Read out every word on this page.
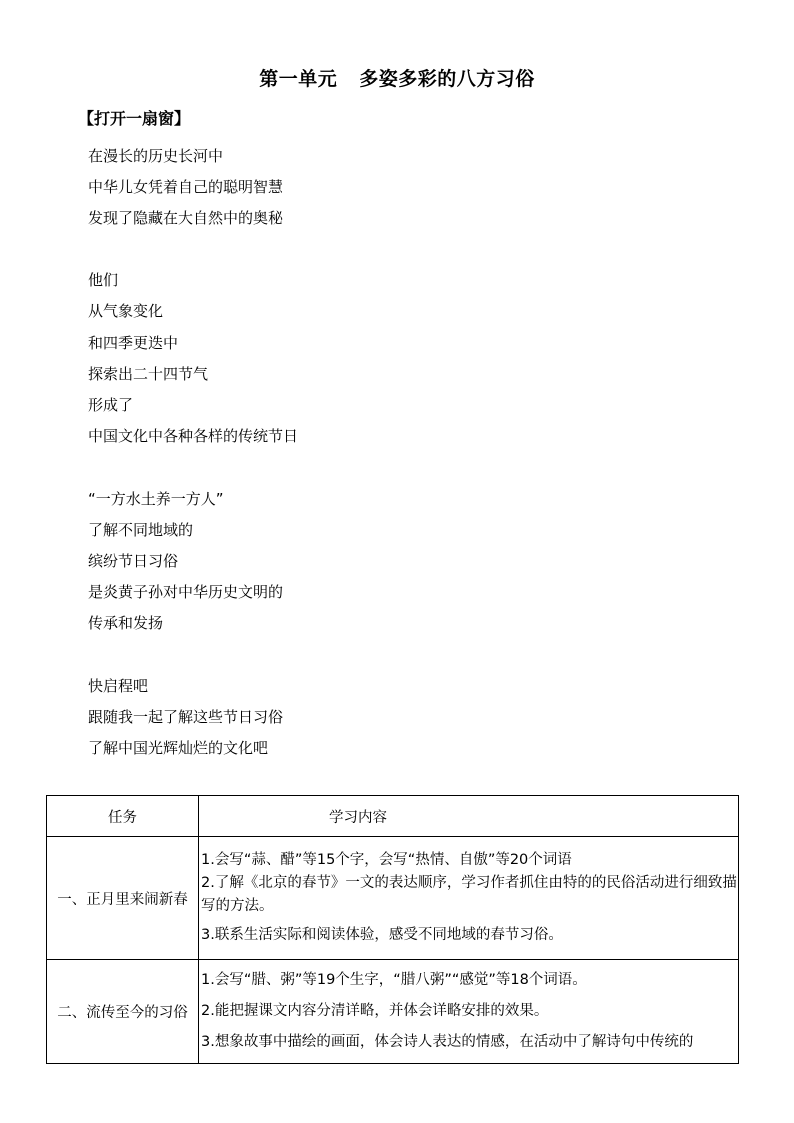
第一单元 多姿多彩的八方习俗
【打开一扇窗】
在漫长的历史长河中
中华儿女凭着自己的聪明智慧
发现了隐藏在大自然中的奥秘
他们
从气象变化
和四季更迭中
探索出二十四节气
形成了
中国文化中各种各样的传统节日
“一方水土养一方人”
了解不同地域的
缤纷节日习俗
是炎黄子孙对中华历史文明的
传承和发扬
快启程吧
跟随我一起了解这些节日习俗
了解中国光辉灿烂的文化吧
任务	学习内容
一、正月里来闹新春	1.会写“蒜、醋”等15个字，会写“热情、自傲”等20个词语
2.了解《北京的春节》一文的表达顺序，学习作者抓住由特的的民俗活动进行细致描写的方法。
3.联系生活实际和阅读体验，感受不同地域的春节习俗。

二、流传至今的习俗	1.会写“腊、粥”等19个生字，“腊八粥”“感觉”等18个词语。
2.能把握课文内容分清详略，并体会详略安排的效果。
3.想象故事中描绘的画面，体会诗人表达的情感，在活动中了解诗句中传统的
